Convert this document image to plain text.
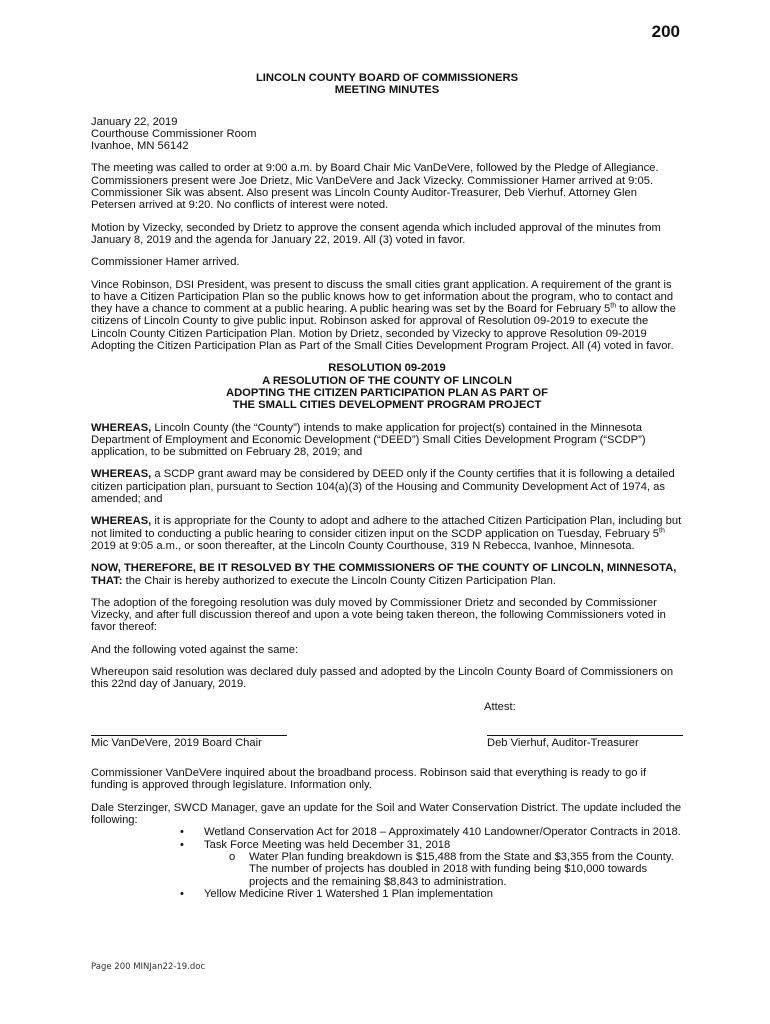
200
LINCOLN COUNTY BOARD OF COMMISSIONERS
MEETING MINUTES

January 22, 2019
Courthouse Commissioner Room
Ivanhoe, MN 56142

The meeting was called to order at 9:00 a.m. by Board Chair Mic VanDeVere, followed by the Pledge of Allegiance. Commissioners present were Joe Drietz, Mic VanDeVere and Jack Vizecky. Commissioner Hamer arrived at 9:05. Commissioner Sik was absent. Also present was Lincoln County Auditor-Treasurer, Deb Vierhuf. Attorney Glen Petersen arrived at 9:20. No conflicts of interest were noted.

Motion by Vizecky, seconded by Drietz to approve the consent agenda which included approval of the minutes from January 8, 2019 and the agenda for January 22, 2019. All (3) voted in favor.

Commissioner Hamer arrived.

Vince Robinson, DSI President, was present to discuss the small cities grant application. A requirement of the grant is to have a Citizen Participation Plan so the public knows how to get information about the program, who to contact and they have a chance to comment at a public hearing. A public hearing was set by the Board for February 5th to allow the citizens of Lincoln County to give public input. Robinson asked for approval of Resolution 09-2019 to execute the Lincoln County Citizen Participation Plan. Motion by Drietz, seconded by Vizecky to approve Resolution 09-2019 Adopting the Citizen Participation Plan as Part of the Small Cities Development Program Project. All (4) voted in favor.

RESOLUTION 09-2019
A RESOLUTION OF THE COUNTY OF LINCOLN
ADOPTING THE CITIZEN PARTICIPATION PLAN AS PART OF
THE SMALL CITIES DEVELOPMENT PROGRAM PROJECT

WHEREAS, Lincoln County (the “County”) intends to make application for project(s) contained in the Minnesota Department of Employment and Economic Development (“DEED”) Small Cities Development Program (“SCDP”) application, to be submitted on February 28, 2019; and

WHEREAS, a SCDP grant award may be considered by DEED only if the County certifies that it is following a detailed citizen participation plan, pursuant to Section 104(a)(3) of the Housing and Community Development Act of 1974, as amended; and

WHEREAS, it is appropriate for the County to adopt and adhere to the attached Citizen Participation Plan, including but not limited to conducting a public hearing to consider citizen input on the SCDP application on Tuesday, February 5th 2019 at 9:05 a.m., or soon thereafter, at the Lincoln County Courthouse, 319 N Rebecca, Ivanhoe, Minnesota.

NOW, THEREFORE, BE IT RESOLVED BY THE COMMISSIONERS OF THE COUNTY OF LINCOLN, MINNESOTA, THAT: the Chair is hereby authorized to execute the Lincoln County Citizen Participation Plan.

The adoption of the foregoing resolution was duly moved by Commissioner Drietz and seconded by Commissioner Vizecky, and after full discussion thereof and upon a vote being taken thereon, the following Commissioners voted in favor thereof:

And the following voted against the same:

Whereupon said resolution was declared duly passed and adopted by the Lincoln County Board of Commissioners on this 22nd day of January, 2019.

Attest:
Mic VanDeVere, 2019 Board Chair	Deb Vierhuf, Auditor-Treasurer

Commissioner VanDeVere inquired about the broadband process. Robinson said that everything is ready to go if funding is approved through legislature. Information only.

Dale Sterzinger, SWCD Manager, gave an update for the Soil and Water Conservation District. The update included the following:

• Wetland Conservation Act for 2018 – Approximately 410 Landowner/Operator Contracts in 2018.
• Task Force Meeting was held December 31, 2018
o Water Plan funding breakdown is $15,488 from the State and $3,355 from the County. The number of projects has doubled in 2018 with funding being $10,000 towards projects and the remaining $8,843 to administration.
• Yellow Medicine River 1 Watershed 1 Plan implementation
Page 200 MINJan22-19.doc
